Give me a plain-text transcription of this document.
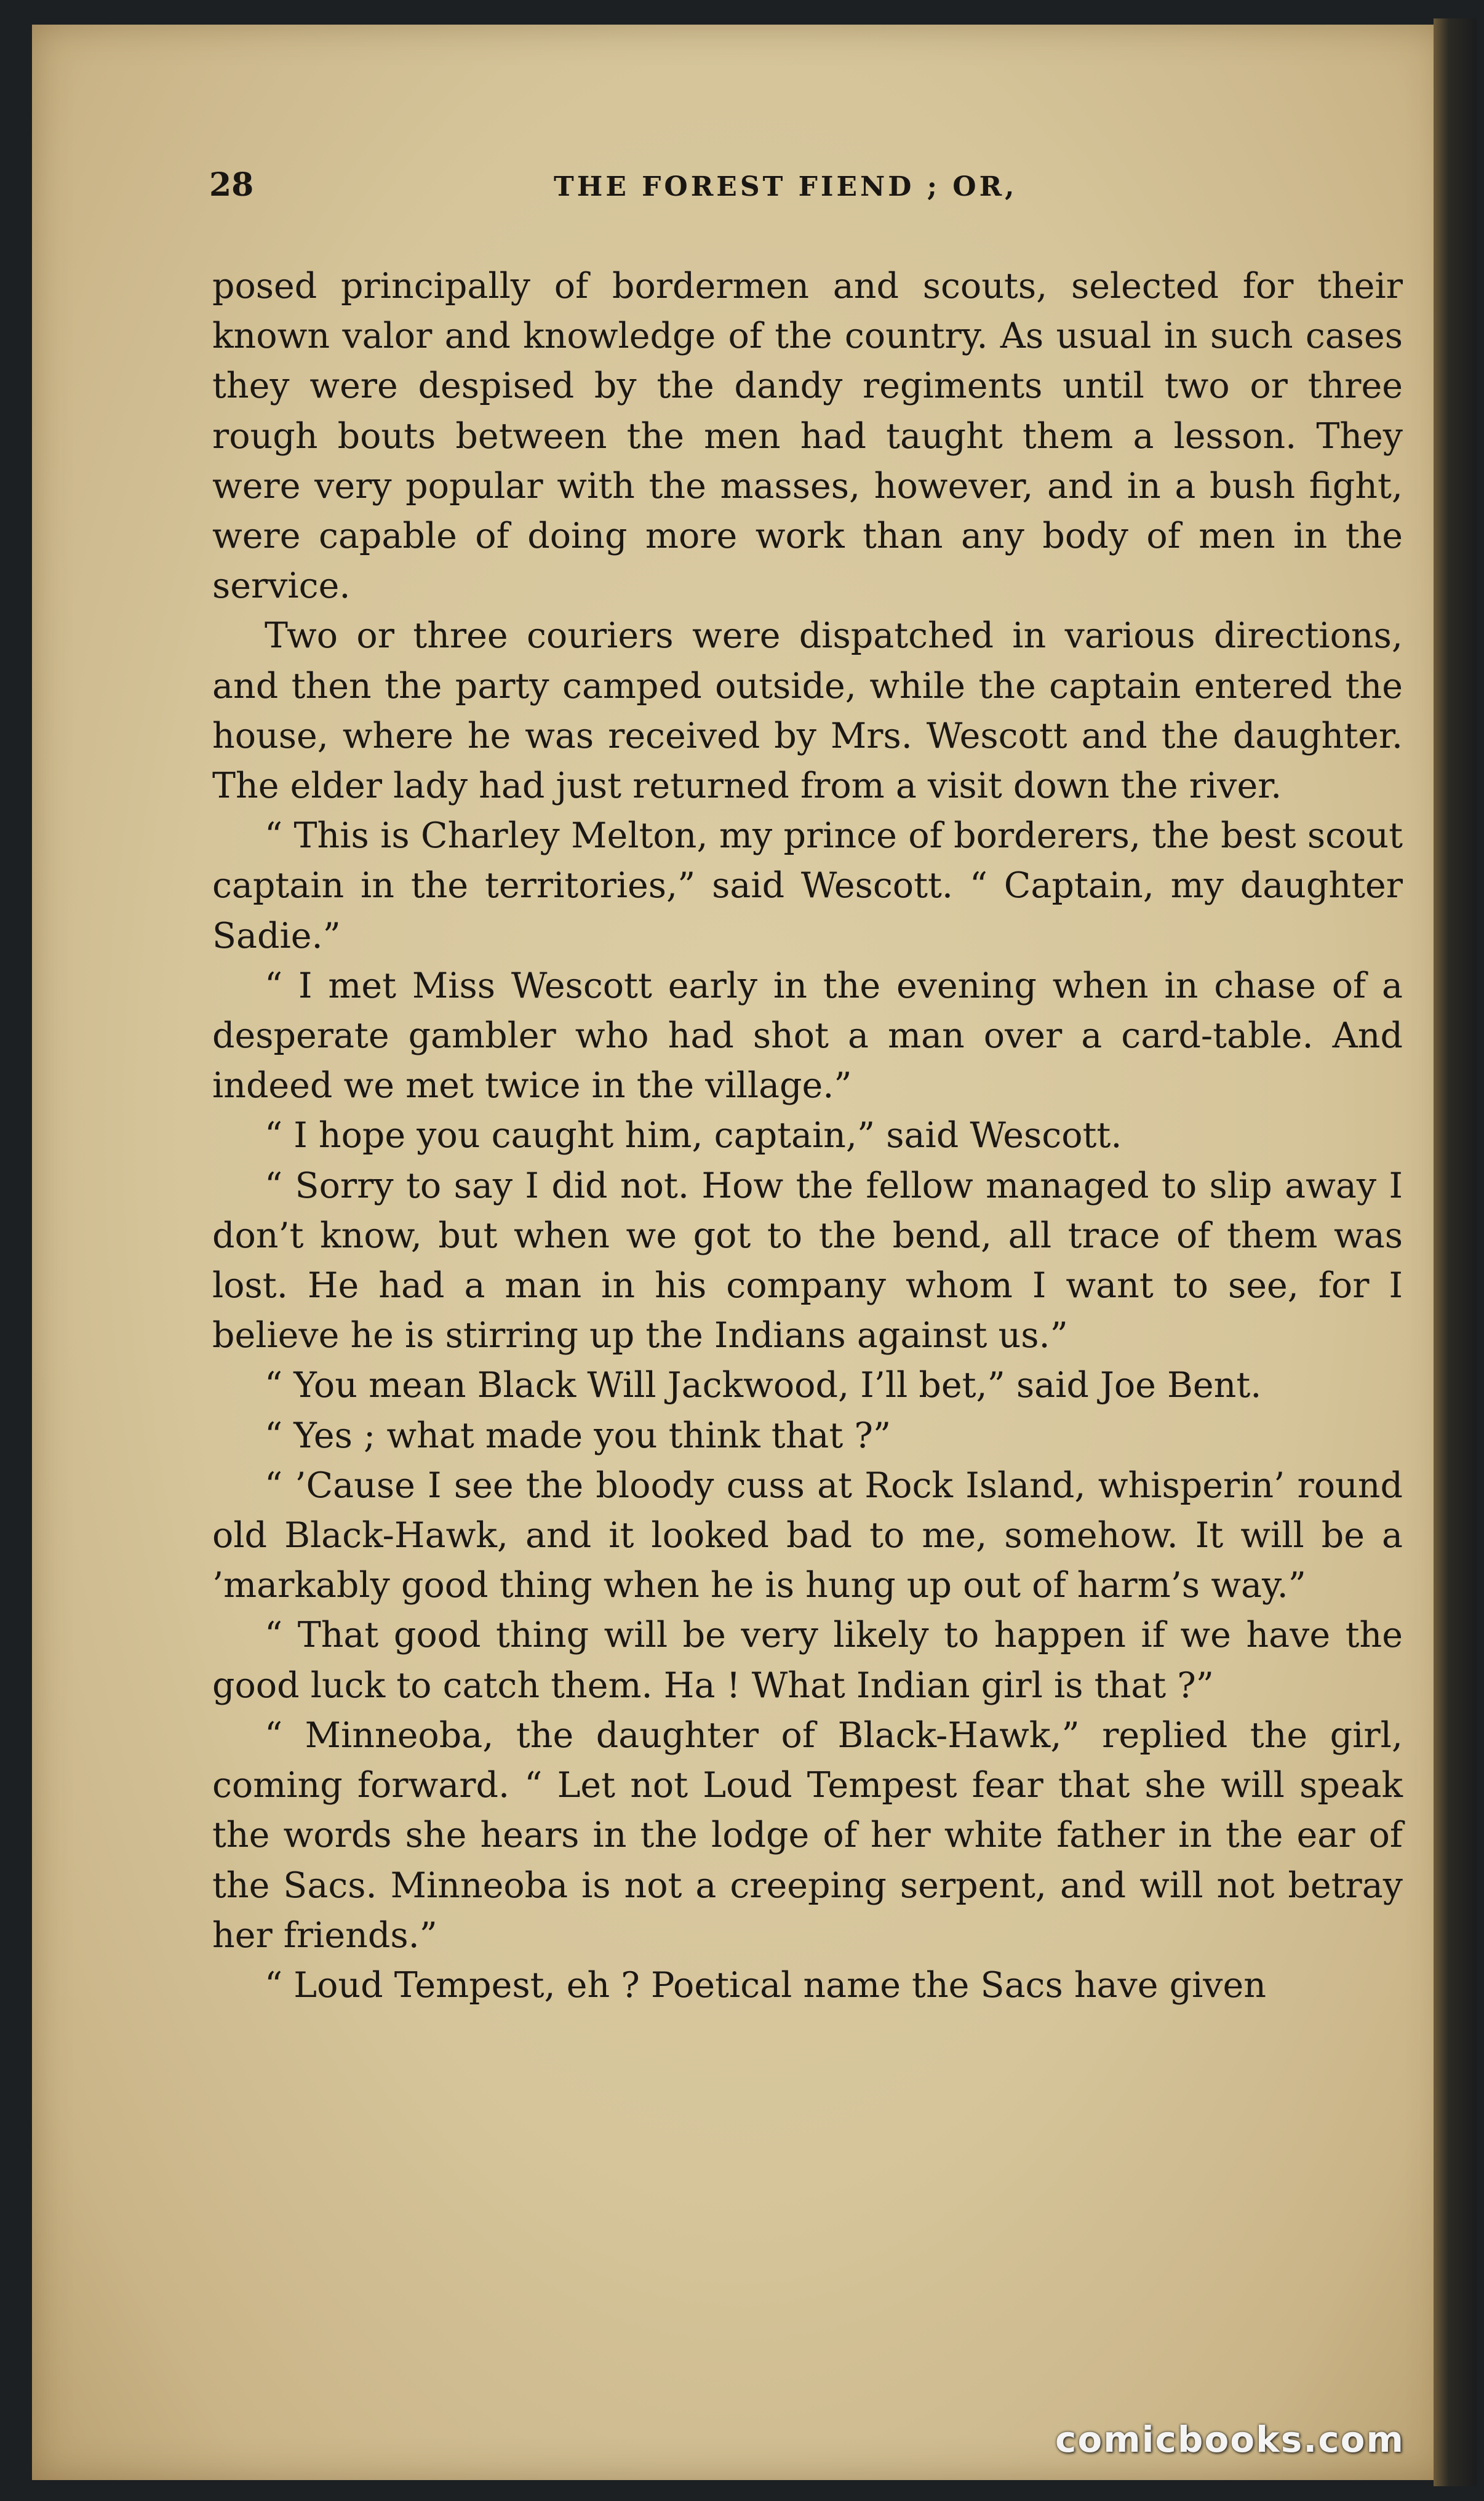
28	THE FOREST FIEND ; OR,

posed principally of bordermen and scouts, selected for their known valor and knowledge of the country. As usual in such cases they were despised by the dandy regiments until two or three rough bouts between the men had taught them a lesson. They were very popular with the masses, however, and in a bush fight, were capable of doing more work than any body of men in the service.

Two or three couriers were dispatched in various directions, and then the party camped outside, while the captain entered the house, where he was received by Mrs. Wescott and the daughter. The elder lady had just returned from a visit down the river.

“ This is Charley Melton, my prince of borderers, the best scout captain in the territories,” said Wescott. “ Captain, my daughter Sadie.”

“ I met Miss Wescott early in the evening when in chase of a desperate gambler who had shot a man over a card-table. And indeed we met twice in the village.”

“ I hope you caught him, captain,” said Wescott.

“ Sorry to say I did not. How the fellow managed to slip away I don’t know, but when we got to the bend, all trace of them was lost. He had a man in his company whom I want to see, for I believe he is stirring up the Indians against us.”

“ You mean Black Will Jackwood, I’ll bet,” said Joe Bent.

“ Yes ; what made you think that ?”

“ ’Cause I see the bloody cuss at Rock Island, whisperin’ round old Black-Hawk, and it looked bad to me, somehow. It will be a ’markably good thing when he is hung up out of harm’s way.”

“ That good thing will be very likely to happen if we have the good luck to catch them. Ha ! What Indian girl is that ?”

“ Minneoba, the daughter of Black-Hawk,” replied the girl, coming forward. “ Let not Loud Tempest fear that she will speak the words she hears in the lodge of her white father in the ear of the Sacs. Minneoba is not a creeping serpent, and will not betray her friends.”

“ Loud Tempest, eh ? Poetical name the Sacs have given

comicbooks.com
